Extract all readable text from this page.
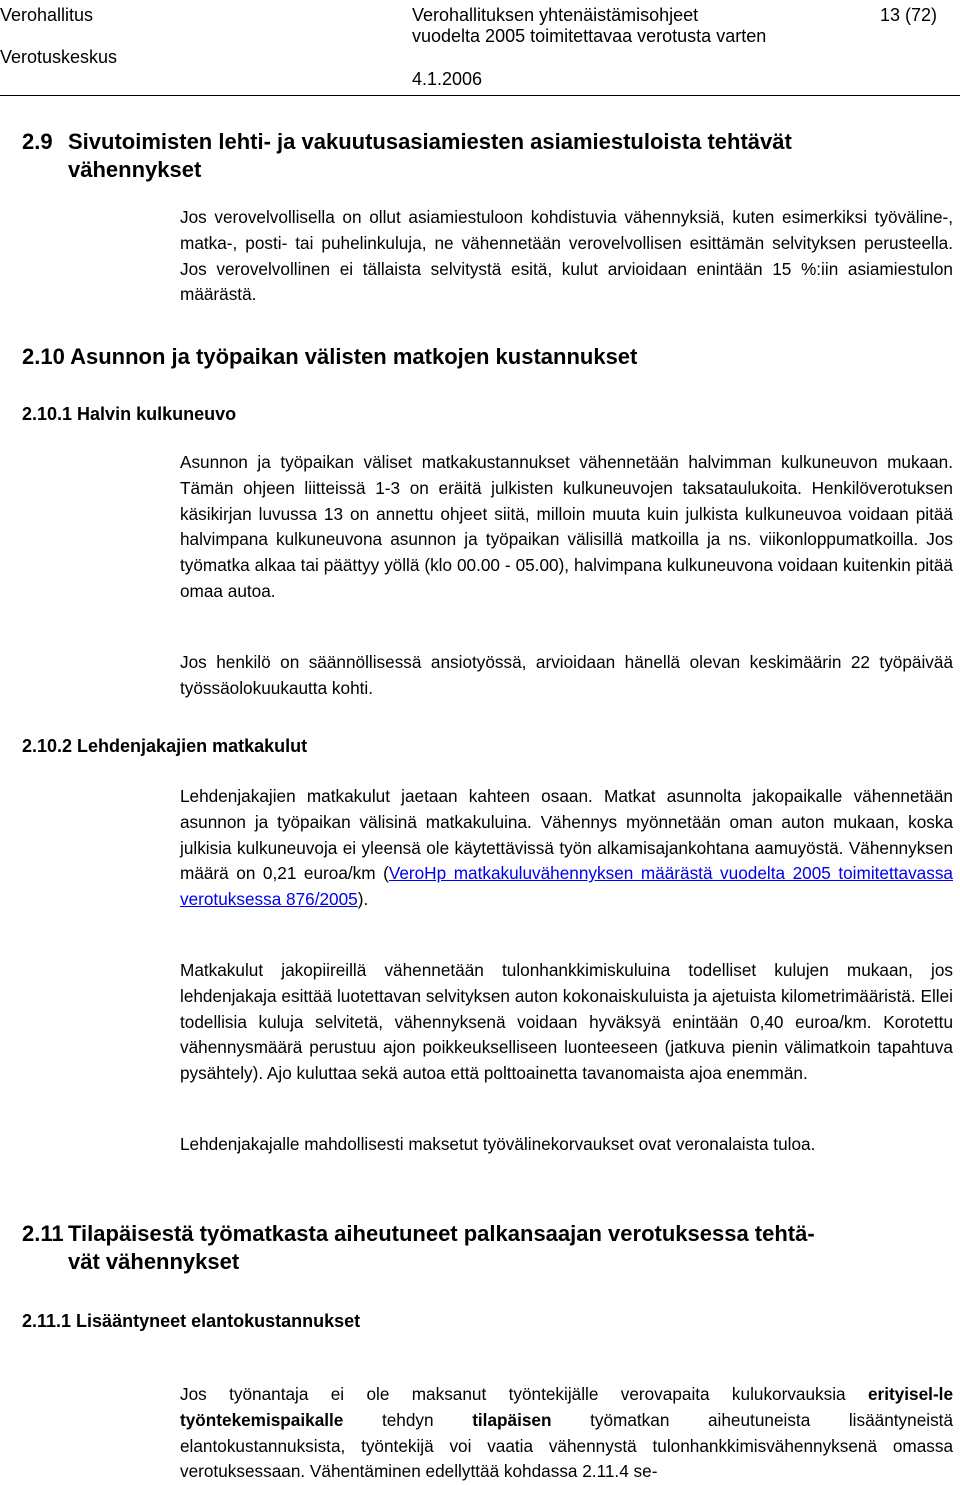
Verohallitus
Verotuskeskus
Verohallituksen yhtenäistämisohjeet
vuodelta 2005 toimitettavaa verotusta varten
4.1.2006
13 (72)
2.9 Sivutoimisten lehti- ja vakuutusasiamiesten asiamiestuloista tehtävät
vähennykset

Jos verovelvollisella on ollut asiamiestuloon kohdistuvia vähennyksiä, kuten esimerkiksi työväline-, matka-, posti- tai puhelinkuluja, ne vähennetään verovelvollisen esittämän selvityksen perusteella. Jos verovelvollinen ei tällaista selvitystä esitä, kulut arvioidaan enintään 15 %:iin asiamiestulon määrästä.

2.10 Asunnon ja työpaikan välisten matkojen kustannukset
2.10.1 Halvin kulkuneuvo

Asunnon ja työpaikan väliset matkakustannukset vähennetään halvimman kulkuneuvon mukaan. Tämän ohjeen liitteissä 1-3 on eräitä julkisten kulkuneuvojen taksataulukoita. Henkilöverotuksen käsikirjan luvussa 13 on annettu ohjeet siitä, milloin muuta kuin julkista kulkuneuvoa voidaan pitää halvimpana kulkuneuvona asunnon ja työpaikan välisillä matkoilla ja ns. viikonloppumatkoilla. Jos työmatka alkaa tai päättyy yöllä (klo 00.00 - 05.00), halvimpana kulkuneuvona voidaan kuitenkin pitää omaa autoa.

Jos henkilö on säännöllisessä ansiotyössä, arvioidaan hänellä olevan keskimäärin 22 työpäivää työssäolokuukautta kohti.

2.10.2 Lehdenjakajien matkakulut

Lehdenjakajien matkakulut jaetaan kahteen osaan. Matkat asunnolta jakopaikalle vähennetään asunnon ja työpaikan välisinä matkakuluina. Vähennys myönnetään oman auton mukaan, koska julkisia kulkuneuvoja ei yleensä ole käytettävissä työn alkamisajankohtana aamuyöstä. Vähennyksen määrä on 0,21 euroa/km (VeroHp matkakuluvähennyksen määrästä vuodelta 2005 toimitettavassa verotuksessa 876/2005).

Matkakulut jakopiireillä vähennetään tulonhankkimiskuluina todelliset kulujen mukaan, jos lehdenjakaja esittää luotettavan selvityksen auton kokonaiskuluista ja ajetuista kilometrimääristä. Ellei todellisia kuluja selvitetä, vähennyksenä voidaan hyväksyä enintään 0,40 euroa/km. Korotettu vähennysmäärä perustuu ajon poikkeukselliseen luonteeseen (jatkuva pienin välimatkoin tapahtuva pysähtely). Ajo kuluttaa sekä autoa että polttoainetta tavanomaista ajoa enemmän.

Lehdenjakajalle mahdollisesti maksetut työvälinekorvaukset ovat veronalaista tuloa.

2.11 Tilapäisestä työmatkasta aiheutuneet palkansaajan verotuksessa tehtä-
vät vähennykset
2.11.1 Lisääntyneet elantokustannukset

Jos työnantaja ei ole maksanut työntekijälle verovapaita kulukorvauksia erityisel-le työntekemispaikalle tehdyn tilapäisen työmatkan aiheutuneista lisääntyneistä elantokustannuksista, työntekijä voi vaatia vähennystä tulonhankkimisvähennyksenä omassa verotuksessaan. Vähentäminen edellyttää kohdassa 2.11.4 se-
